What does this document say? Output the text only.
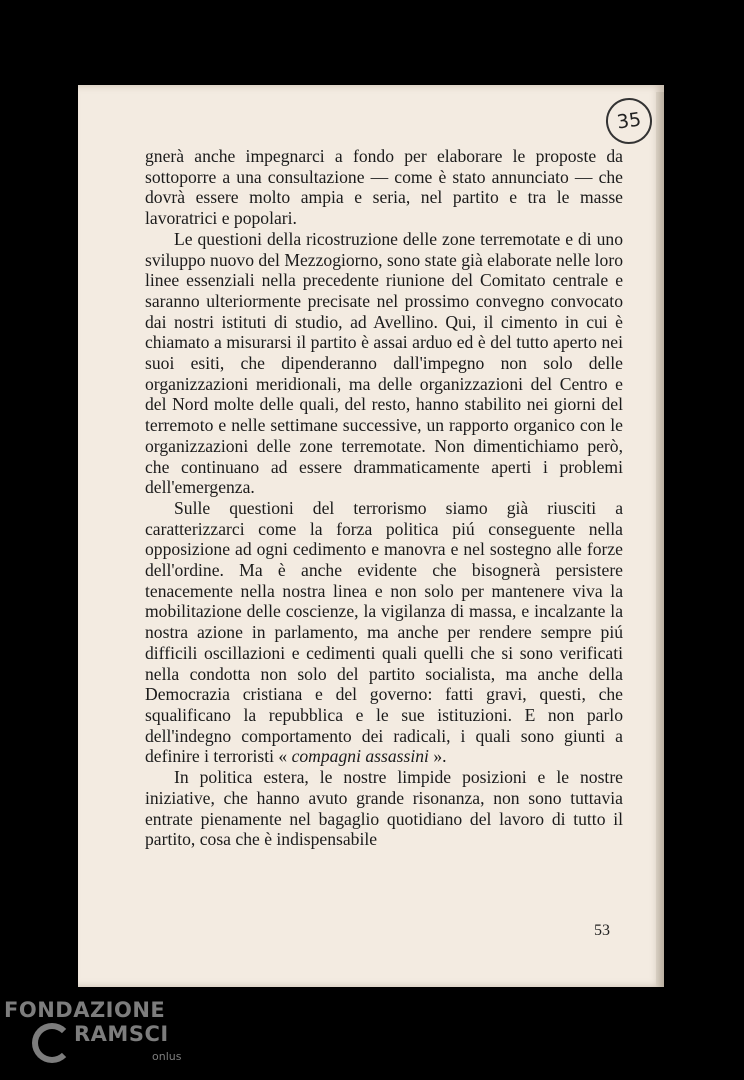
35

gnerà anche impegnarci a fondo per elaborare le proposte da sottoporre a una consultazione — come è stato annunciato — che dovrà essere molto ampia e seria, nel partito e tra le masse lavoratrici e popolari.

Le questioni della ricostruzione delle zone terremotate e di uno sviluppo nuovo del Mezzogiorno, sono state già elaborate nelle loro linee essenziali nella precedente riunione del Comitato centrale e saranno ulteriormente precisate nel prossimo convegno convocato dai nostri istituti di studio, ad Avellino. Qui, il cimento in cui è chiamato a misurarsi il partito è assai arduo ed è del tutto aperto nei suoi esiti, che dipenderanno dall'impegno non solo delle organizzazioni meridionali, ma delle organizzazioni del Centro e del Nord molte delle quali, del resto, hanno stabilito nei giorni del terremoto e nelle settimane successive, un rapporto organico con le organizzazioni delle zone terremotate. Non dimentichiamo però, che continuano ad essere drammaticamente aperti i problemi dell'emergenza.

Sulle questioni del terrorismo siamo già riusciti a caratterizzarci come la forza politica piú conseguente nella opposizione ad ogni cedimento e manovra e nel sostegno alle forze dell'ordine. Ma è anche evidente che bisognerà persistere tenacemente nella nostra linea e non solo per mantenere viva la mobilitazione delle coscienze, la vigilanza di massa, e incalzante la nostra azione in parlamento, ma anche per rendere sempre piú difficili oscillazioni e cedimenti quali quelli che si sono verificati nella condotta non solo del partito socialista, ma anche della Democrazia cristiana e del governo: fatti gravi, questi, che squalificano la repubblica e le sue istituzioni. E non parlo dell'indegno comportamento dei radicali, i quali sono giunti a definire i terroristi « compagni assassini ».

In politica estera, le nostre limpide posizioni e le nostre iniziative, che hanno avuto grande risonanza, non sono tuttavia entrate pienamente nel bagaglio quotidiano del lavoro di tutto il partito, cosa che è indispensabile

53
FONDAZIONE
RAMSCI
onlus
